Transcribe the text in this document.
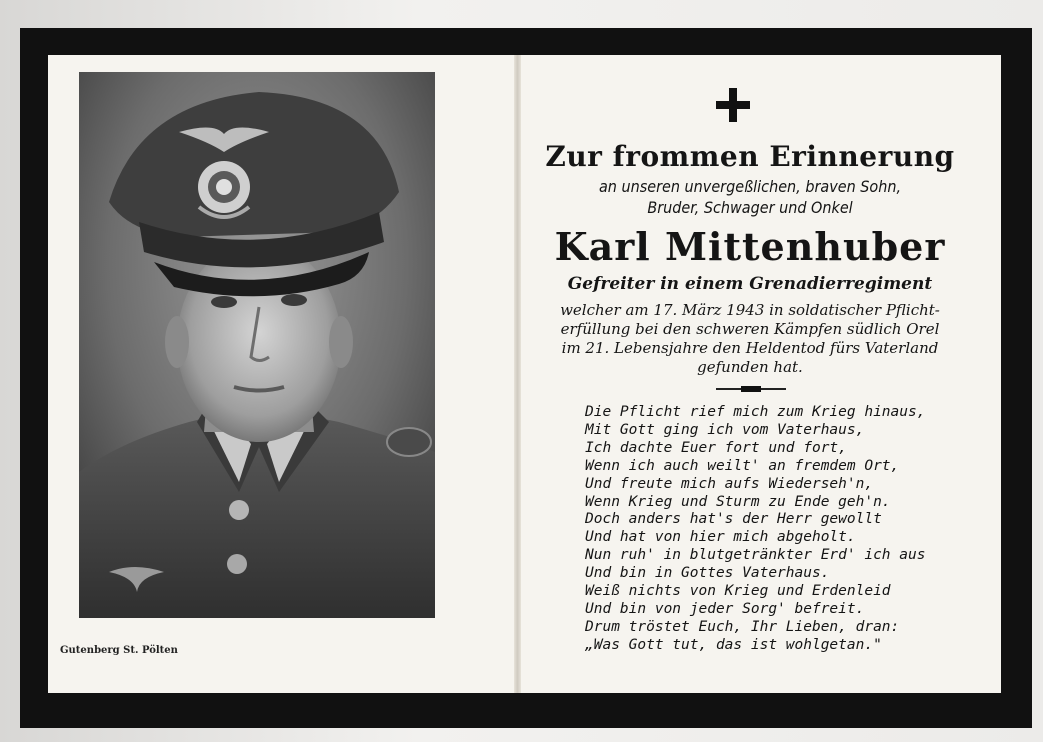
Gutenberg St. Pölten
Zur frommen Erinnerung
an unseren unvergeßlichen, braven Sohn,
Bruder, Schwager und Onkel
Karl Mittenhuber
Gefreiter in einem Grenadierregiment
welcher am 17. März 1943 in soldatischer Pflicht-
erfüllung bei den schweren Kämpfen südlich Orel
im 21. Lebensjahre den Heldentod fürs Vaterland
gefunden hat.
Die Pflicht rief mich zum Krieg hinaus,
Mit Gott ging ich vom Vaterhaus,
Ich dachte Euer fort und fort,
Wenn ich auch weilt' an fremdem Ort,
Und freute mich aufs Wiederseh'n,
Wenn Krieg und Sturm zu Ende geh'n.
Doch anders hat's der Herr gewollt
Und hat von hier mich abgeholt.
Nun ruh' in blutgetränkter Erd' ich aus
Und bin in Gottes Vaterhaus.
Weiß nichts von Krieg und Erdenleid
Und bin von jeder Sorg' befreit.
Drum tröstet Euch, Ihr Lieben, dran:
„Was Gott tut, das ist wohlgetan."
